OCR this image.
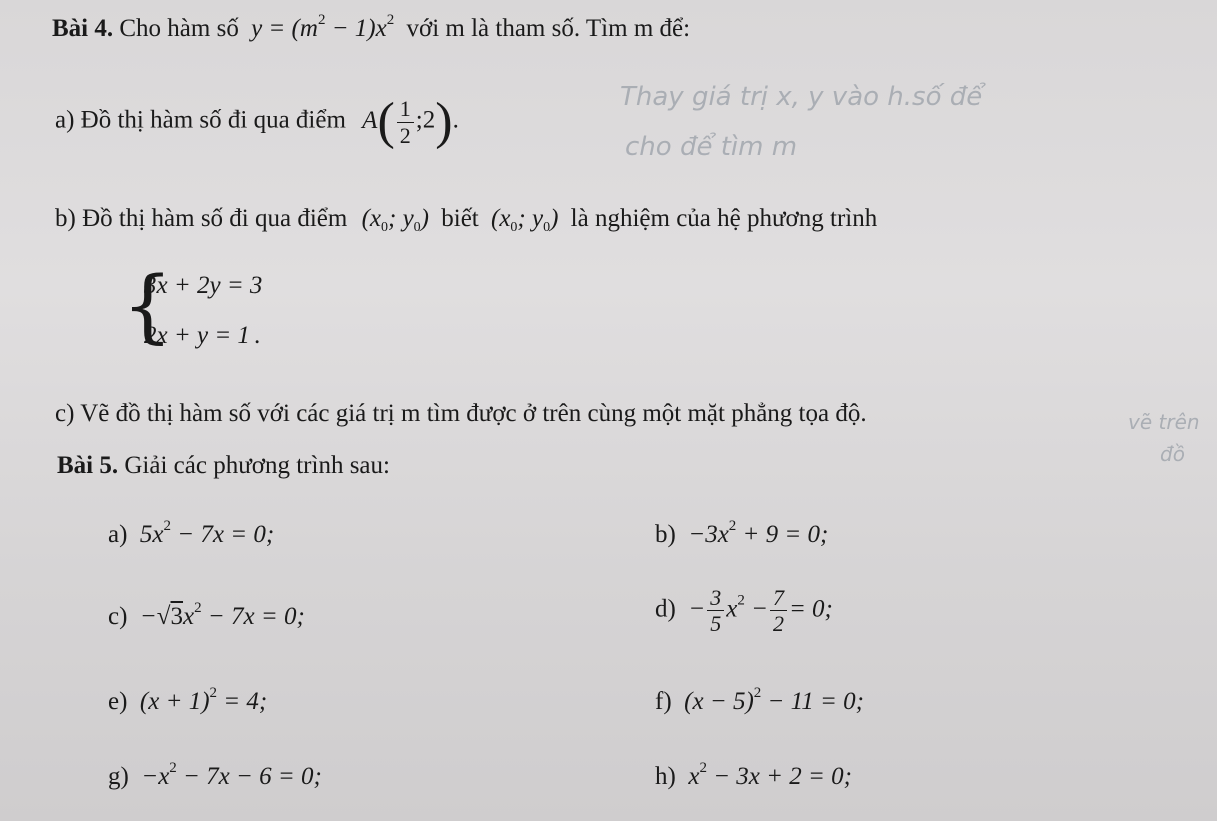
Thay giá trị x, y vào h.số để
cho để tìm m
vẽ trên
đồ
Bài 4. Cho hàm số $y = (m^2 - 1)x^2$ với m là tham số. Tìm m để:
a) Đồ thị hàm số đi qua điểm $A( \frac{1}{2}$ ;2).
b) Đồ thị hàm số đi qua điểm ($x_0$; $y_0$) biết ($x_0$; $y_0$) là nghiệm của hệ phương trình
{
3x + 2y = 3
2x + y = 1 .
c) Vẽ đồ thị hàm số với các giá trị m tìm được ở trên cùng một mặt phẳng tọa độ.
Bài 5. Giải các phương trình sau:
a)  $5x^2 - 7x = 0$;	$b) -3x^2 + 9 = 0$;
$c) -√3x^2 - 7x = 0$;	$d) - \frac{3}{5} x^2 - \frac{7}{2} = 0$;
e)  $(x + 1)^2 = 4$;	f)  $(x - 5)^2 - 11 = 0$;
$g) -x^2 - 7x - 6 = 0$;	h)  $x^2 - 3x + 2 = 0$;
